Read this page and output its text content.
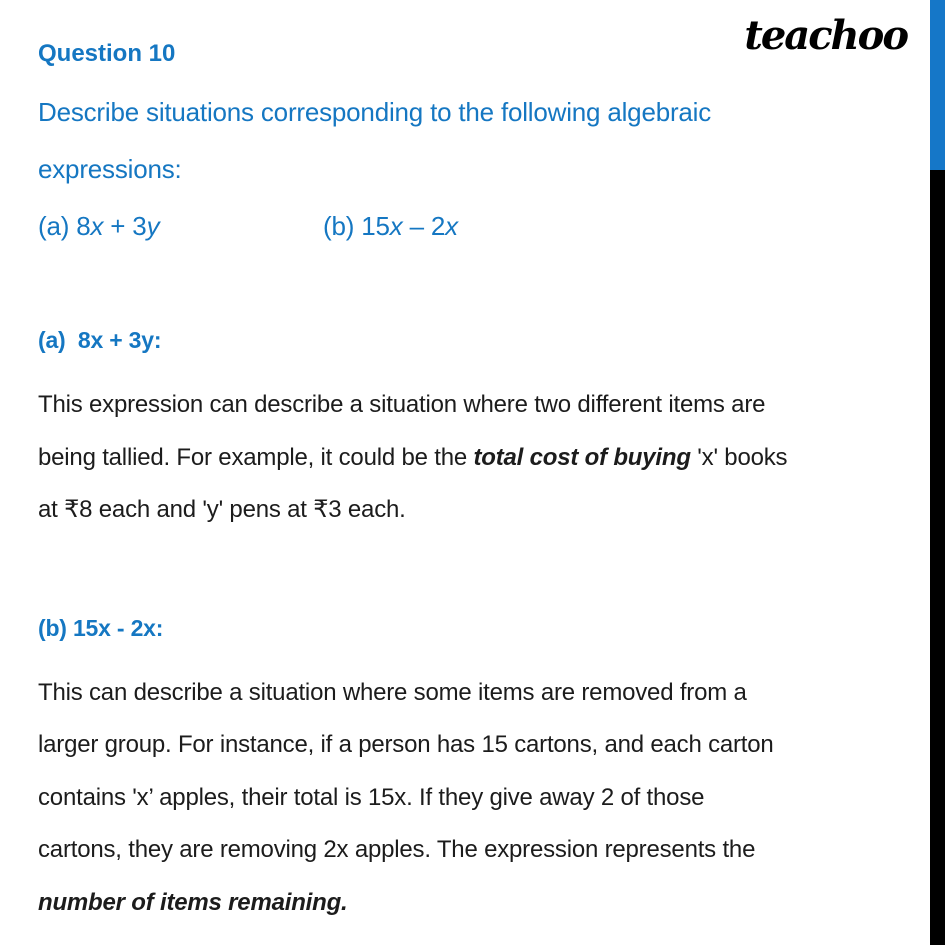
teachoo
Question 10
Describe situations corresponding to the following algebraic
expressions:
(a) 8x + 3y	(b) 15x – 2x
(a)  8x + 3y:
This expression can describe a situation where two different items are
being tallied. For example, it could be the total cost of buying 'x' books
at ₹8 each and 'y' pens at ₹3 each.
(b) 15x - 2x:
This can describe a situation where some items are removed from a
larger group. For instance, if a person has 15 cartons, and each carton
contains 'x’ apples, their total is 15x. If they give away 2 of those
cartons, they are removing 2x apples. The expression represents the
number of items remaining.
